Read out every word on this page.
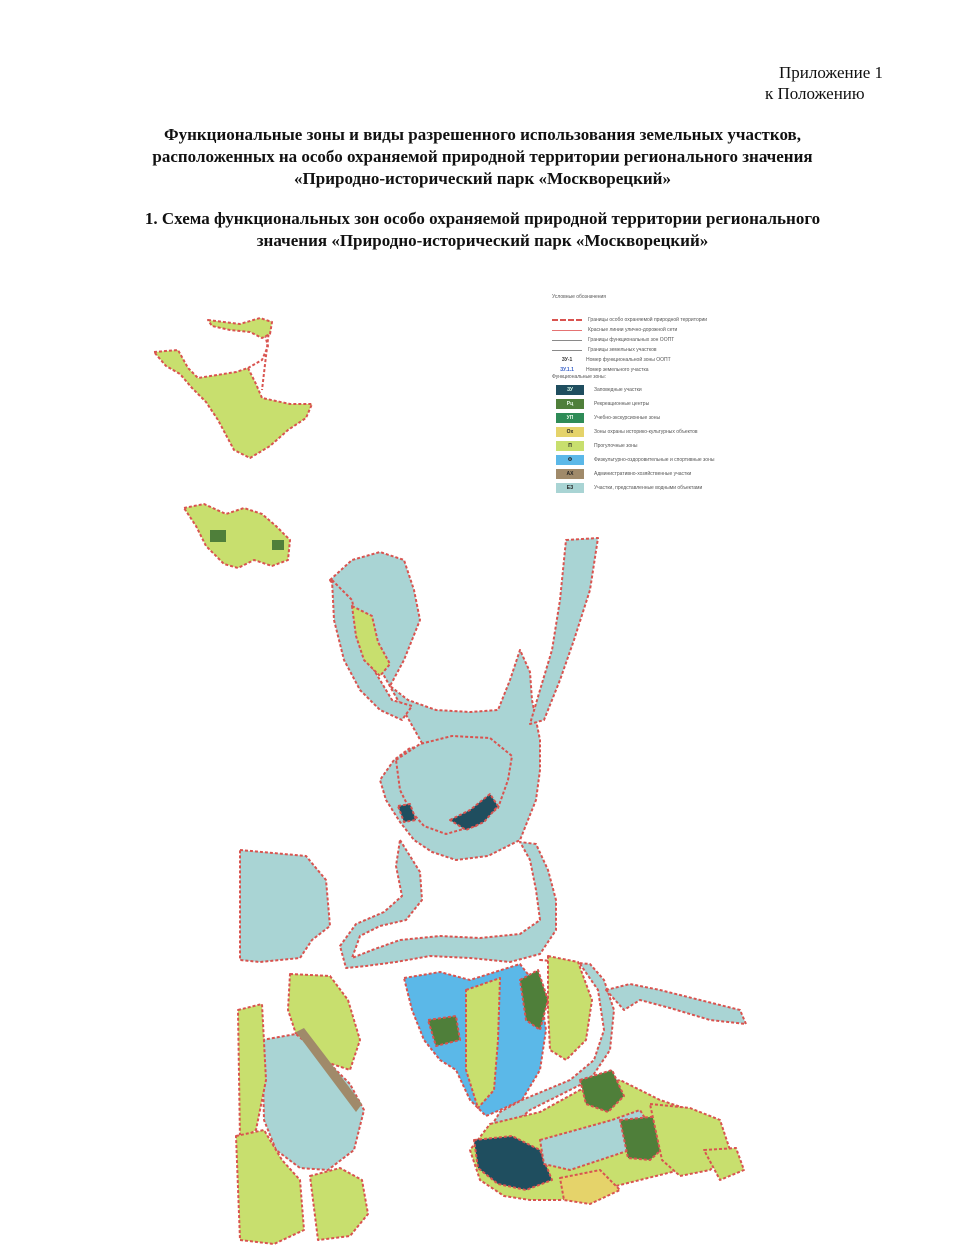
Приложение 1
к Положению
Функциональные зоны и виды разрешенного использования земельных участков,
расположенных на особо охраняемой природной территории регионального значения
«Природно-исторический парк «Москворецкий»
1. Схема функциональных зон особо охраняемой природной территории регионального
значения «Природно-исторический парк «Москворецкий»
Условные обозначения
Границы особо охраняемой природной территории
Красные линии улично-дорожной сети
Границы функциональных зон ООПТ
Границы земельных участков
ЗУ-1	Номер функциональной зоны ООПТ
ЗУ.1.1	Номер земельного участка
Функциональные зоны:
ЗУ	Заповедные участки
Рц	Рекреационные центры
УП	Учебно-экскурсионные зоны
Ох	Зоны охраны историко-культурных объектов
П	Прогулочные зоны
Ф	Физкультурно-оздоровительные и спортивные зоны
АХ	Административно-хозяйственные участки
ЕЗ	Участки, представленные водными объектами
